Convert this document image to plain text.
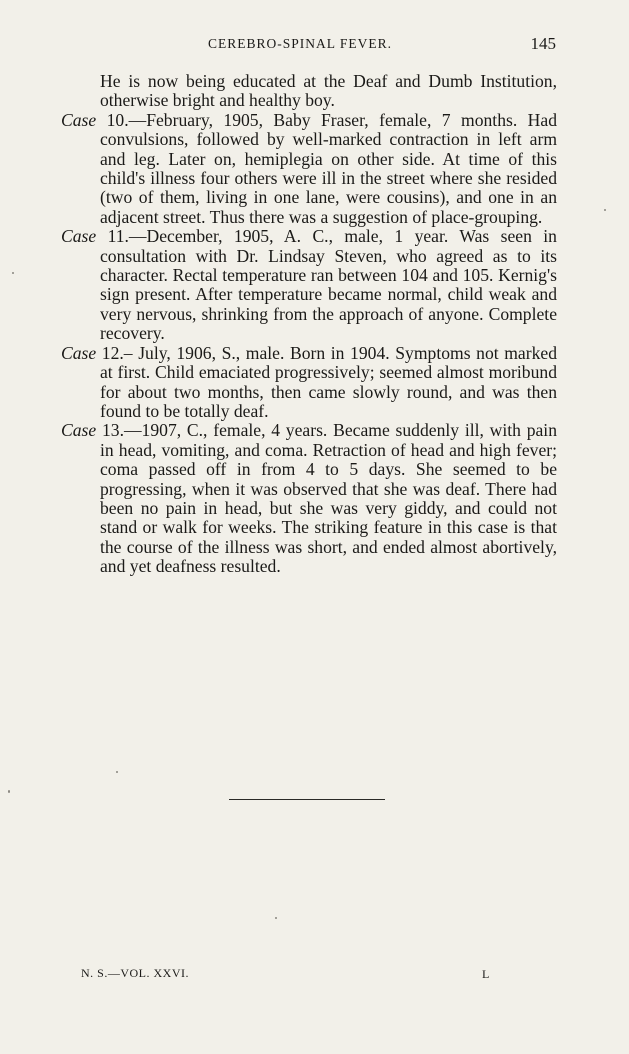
CEREBRO-SPINAL FEVER.	145

He is now being educated at the Deaf and Dumb Institution, otherwise bright and healthy boy.

Case 10.—February, 1905, Baby Fraser, female, 7 months. Had convulsions, followed by well-marked contraction in left arm and leg. Later on, hemiplegia on other side. At time of this child's illness four others were ill in the street where she resided (two of them, living in one lane, were cousins), and one in an adjacent street. Thus there was a suggestion of place-grouping.

Case 11.—December, 1905, A. C., male, 1 year. Was seen in consultation with Dr. Lindsay Steven, who agreed as to its character. Rectal temperature ran between 104 and 105. Kernig's sign present. After temperature became normal, child weak and very nervous, shrinking from the approach of anyone. Complete recovery.

Case 12.– July, 1906, S., male. Born in 1904. Symptoms not marked at first. Child emaciated progressively; seemed almost moribund for about two months, then came slowly round, and was then found to be totally deaf.

Case 13.—1907, C., female, 4 years. Became suddenly ill, with pain in head, vomiting, and coma. Retraction of head and high fever; coma passed off in from 4 to 5 days. She seemed to be progressing, when it was observed that she was deaf. There had been no pain in head, but she was very giddy, and could not stand or walk for weeks. The striking feature in this case is that the course of the illness was short, and ended almost abortively, and yet deafness resulted.

N. S.—VOL. XXVI.	L
